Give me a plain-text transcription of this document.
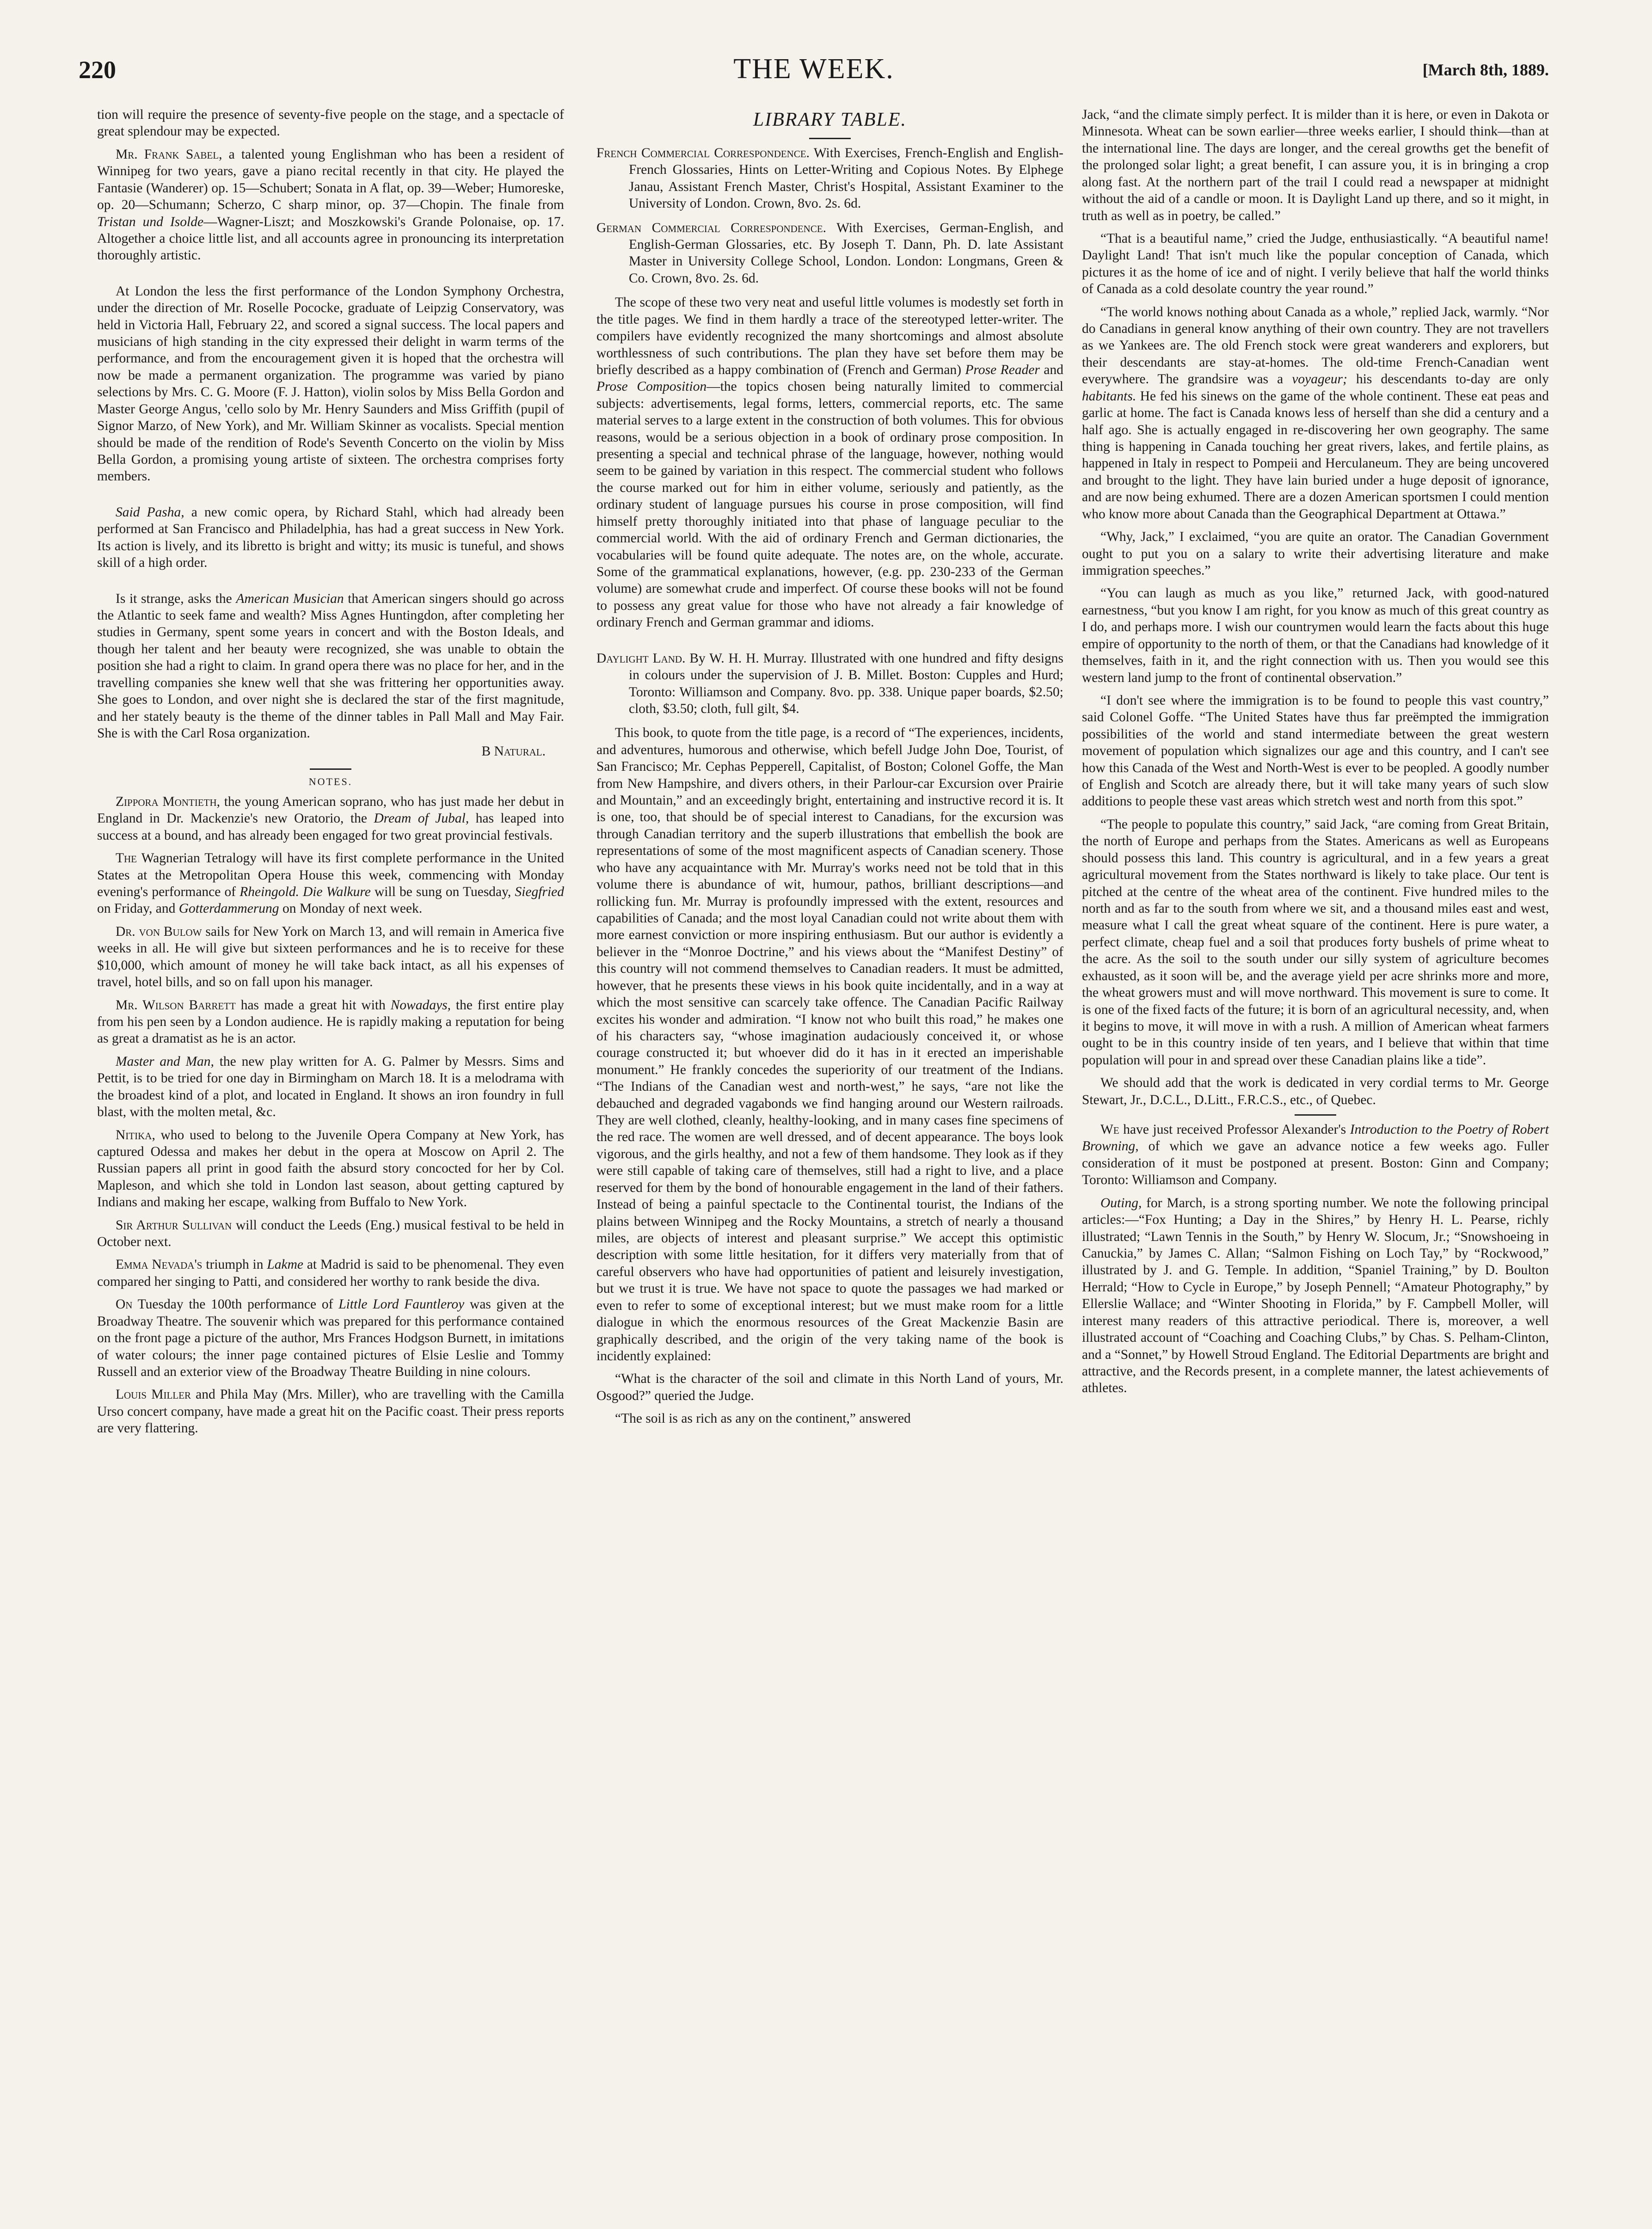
220	THE WEEK.	[March 8th, 1889.

tion will require the presence of seventy-five people on the stage, and a spectacle of great splendour may be expected.

Mr. Frank Sabel, a talented young Englishman who has been a resident of Winnipeg for two years, gave a piano recital recently in that city. He played the Fantasie (Wanderer) op. 15—Schubert; Sonata in A flat, op. 39—Weber; Humoreske, op. 20—Schumann; Scherzo, C sharp minor, op. 37—Chopin. The finale from Tristan und Isolde—Wagner-Liszt; and Moszkowski's Grande Polonaise, op. 17. Altogether a choice little list, and all accounts agree in pronouncing its interpretation thoroughly artistic.

At London the less the first performance of the London Symphony Orchestra, under the direction of Mr. Roselle Pococke, graduate of Leipzig Conservatory, was held in Victoria Hall, February 22, and scored a signal success. The local papers and musicians of high standing in the city expressed their delight in warm terms of the performance, and from the encouragement given it is hoped that the orchestra will now be made a permanent organization. The programme was varied by piano selections by Mrs. C. G. Moore (F. J. Hatton), violin solos by Miss Bella Gordon and Master George Angus, 'cello solo by Mr. Henry Saunders and Miss Griffith (pupil of Signor Marzo, of New York), and Mr. William Skinner as vocalists. Special mention should be made of the rendition of Rode's Seventh Concerto on the violin by Miss Bella Gordon, a promising young artiste of sixteen. The orchestra comprises forty members.

Said Pasha, a new comic opera, by Richard Stahl, which had already been performed at San Francisco and Philadelphia, has had a great success in New York. Its action is lively, and its libretto is bright and witty; its music is tuneful, and shows skill of a high order.

Is it strange, asks the American Musician that American singers should go across the Atlantic to seek fame and wealth? Miss Agnes Huntingdon, after completing her studies in Germany, spent some years in concert and with the Boston Ideals, and though her talent and her beauty were recognized, she was unable to obtain the position she had a right to claim. In grand opera there was no place for her, and in the travelling companies she knew well that she was frittering her opportunities away. She goes to London, and over night she is declared the star of the first magnitude, and her stately beauty is the theme of the dinner tables in Pall Mall and May Fair. She is with the Carl Rosa organization.

B Natural.
NOTES.

Zippora Montieth, the young American soprano, who has just made her debut in England in Dr. Mackenzie's new Oratorio, the Dream of Jubal, has leaped into success at a bound, and has already been engaged for two great provincial festivals.

The Wagnerian Tetralogy will have its first complete performance in the United States at the Metropolitan Opera House this week, commencing with Monday evening's performance of Rheingold. Die Walkure will be sung on Tuesday, Siegfried on Friday, and Gotterdammerung on Monday of next week.

Dr. von Bulow sails for New York on March 13, and will remain in America five weeks in all. He will give but sixteen performances and he is to receive for these $10,000, which amount of money he will take back intact, as all his expenses of travel, hotel bills, and so on fall upon his manager.

Mr. Wilson Barrett has made a great hit with Nowadays, the first entire play from his pen seen by a London audience. He is rapidly making a reputation for being as great a dramatist as he is an actor.

Master and Man, the new play written for A. G. Palmer by Messrs. Sims and Pettit, is to be tried for one day in Birmingham on March 18. It is a melodrama with the broadest kind of a plot, and located in England. It shows an iron foundry in full blast, with the molten metal, &c.

Nitika, who used to belong to the Juvenile Opera Company at New York, has captured Odessa and makes her debut in the opera at Moscow on April 2. The Russian papers all print in good faith the absurd story concocted for her by Col. Mapleson, and which she told in London last season, about getting captured by Indians and making her escape, walking from Buffalo to New York.

Sir Arthur Sullivan will conduct the Leeds (Eng.) musical festival to be held in October next.

Emma Nevada's triumph in Lakme at Madrid is said to be phenomenal. They even compared her singing to Patti, and considered her worthy to rank beside the diva.

On Tuesday the 100th performance of Little Lord Fauntleroy was given at the Broadway Theatre. The souvenir which was prepared for this performance contained on the front page a picture of the author, Mrs Frances Hodgson Burnett, in imitations of water colours; the inner page contained pictures of Elsie Leslie and Tommy Russell and an exterior view of the Broadway Theatre Building in nine colours.

Louis Miller and Phila May (Mrs. Miller), who are travelling with the Camilla Urso concert company, have made a great hit on the Pacific coast. Their press reports are very flattering.

LIBRARY TABLE.

French Commercial Correspondence. With Exercises, French-English and English-French Glossaries, Hints on Letter-Writing and Copious Notes. By Elphege Janau, Assistant French Master, Christ's Hospital, Assistant Examiner to the University of London. Crown, 8vo. 2s. 6d.

German Commercial Correspondence. With Exercises, German-English, and English-German Glossaries, etc. By Joseph T. Dann, Ph. D. late Assistant Master in University College School, London. London: Longmans, Green & Co. Crown, 8vo. 2s. 6d.

The scope of these two very neat and useful little volumes is modestly set forth in the title pages. We find in them hardly a trace of the stereotyped letter-writer. The compilers have evidently recognized the many shortcomings and almost absolute worthlessness of such contributions. The plan they have set before them may be briefly described as a happy combination of (French and German) Prose Reader and Prose Composition—the topics chosen being naturally limited to commercial subjects: advertisements, legal forms, letters, commercial reports, etc. The same material serves to a large extent in the construction of both volumes. This for obvious reasons, would be a serious objection in a book of ordinary prose composition. In presenting a special and technical phrase of the language, however, nothing would seem to be gained by variation in this respect. The commercial student who follows the course marked out for him in either volume, seriously and patiently, as the ordinary student of language pursues his course in prose composition, will find himself pretty thoroughly initiated into that phase of language peculiar to the commercial world. With the aid of ordinary French and German dictionaries, the vocabularies will be found quite adequate. The notes are, on the whole, accurate. Some of the grammatical explanations, however, (e.g. pp. 230-233 of the German volume) are somewhat crude and imperfect. Of course these books will not be found to possess any great value for those who have not already a fair knowledge of ordinary French and German grammar and idioms.

Daylight Land. By W. H. H. Murray. Illustrated with one hundred and fifty designs in colours under the supervision of J. B. Millet. Boston: Cupples and Hurd; Toronto: Williamson and Company. 8vo. pp. 338. Unique paper boards, $2.50; cloth, $3.50; cloth, full gilt, $4.

This book, to quote from the title page, is a record of “The experiences, incidents, and adventures, humorous and otherwise, which befell Judge John Doe, Tourist, of San Francisco; Mr. Cephas Pepperell, Capitalist, of Boston; Colonel Goffe, the Man from New Hampshire, and divers others, in their Parlour-car Excursion over Prairie and Mountain,” and an exceedingly bright, entertaining and instructive record it is. It is one, too, that should be of special interest to Canadians, for the excursion was through Canadian territory and the superb illustrations that embellish the book are representations of some of the most magnificent aspects of Canadian scenery. Those who have any acquaintance with Mr. Murray's works need not be told that in this volume there is abundance of wit, humour, pathos, brilliant descriptions—and rollicking fun. Mr. Murray is profoundly impressed with the extent, resources and capabilities of Canada; and the most loyal Canadian could not write about them with more earnest conviction or more inspiring enthusiasm. But our author is evidently a believer in the “Monroe Doctrine,” and his views about the “Manifest Destiny” of this country will not commend themselves to Canadian readers. It must be admitted, however, that he presents these views in his book quite incidentally, and in a way at which the most sensitive can scarcely take offence. The Canadian Pacific Railway excites his wonder and admiration. “I know not who built this road,” he makes one of his characters say, “whose imagination audaciously conceived it, or whose courage constructed it; but whoever did do it has in it erected an imperishable monument.” He frankly concedes the superiority of our treatment of the Indians. “The Indians of the Canadian west and north-west,” he says, “are not like the debauched and degraded vagabonds we find hanging around our Western railroads. They are well clothed, cleanly, healthy-looking, and in many cases fine specimens of the red race. The women are well dressed, and of decent appearance. The boys look vigorous, and the girls healthy, and not a few of them handsome. They look as if they were still capable of taking care of themselves, still had a right to live, and a place reserved for them by the bond of honourable engagement in the land of their fathers. Instead of being a painful spectacle to the Continental tourist, the Indians of the plains between Winnipeg and the Rocky Mountains, a stretch of nearly a thousand miles, are objects of interest and pleasant surprise.” We accept this optimistic description with some little hesitation, for it differs very materially from that of careful observers who have had opportunities of patient and leisurely investigation, but we trust it is true. We have not space to quote the passages we had marked or even to refer to some of exceptional interest; but we must make room for a little dialogue in which the enormous resources of the Great Mackenzie Basin are graphically described, and the origin of the very taking name of the book is incidently explained:

“What is the character of the soil and climate in this North Land of yours, Mr. Osgood?” queried the Judge.

“The soil is as rich as any on the continent,” answered

Jack, “and the climate simply perfect. It is milder than it is here, or even in Dakota or Minnesota. Wheat can be sown earlier—three weeks earlier, I should think—than at the international line. The days are longer, and the cereal growths get the benefit of the prolonged solar light; a great benefit, I can assure you, it is in bringing a crop along fast. At the northern part of the trail I could read a newspaper at midnight without the aid of a candle or moon. It is Daylight Land up there, and so it might, in truth as well as in poetry, be called.”

“That is a beautiful name,” cried the Judge, enthusiastically. “A beautiful name! Daylight Land! That isn't much like the popular conception of Canada, which pictures it as the home of ice and of night. I verily believe that half the world thinks of Canada as a cold desolate country the year round.”

“The world knows nothing about Canada as a whole,” replied Jack, warmly. “Nor do Canadians in general know anything of their own country. They are not travellers as we Yankees are. The old French stock were great wanderers and explorers, but their descendants are stay-at-homes. The old-time French-Canadian went everywhere. The grandsire was a voyageur; his descendants to-day are only habitants. He fed his sinews on the game of the whole continent. These eat peas and garlic at home. The fact is Canada knows less of herself than she did a century and a half ago. She is actually engaged in re-discovering her own geography. The same thing is happening in Canada touching her great rivers, lakes, and fertile plains, as happened in Italy in respect to Pompeii and Herculaneum. They are being uncovered and brought to the light. They have lain buried under a huge deposit of ignorance, and are now being exhumed. There are a dozen American sportsmen I could mention who know more about Canada than the Geographical Department at Ottawa.”

“Why, Jack,” I exclaimed, “you are quite an orator. The Canadian Government ought to put you on a salary to write their advertising literature and make immigration speeches.”

“You can laugh as much as you like,” returned Jack, with good-natured earnestness, “but you know I am right, for you know as much of this great country as I do, and perhaps more. I wish our countrymen would learn the facts about this huge empire of opportunity to the north of them, or that the Canadians had knowledge of it themselves, faith in it, and the right connection with us. Then you would see this western land jump to the front of continental observation.”

“I don't see where the immigration is to be found to people this vast country,” said Colonel Goffe. “The United States have thus far preëmpted the immigration possibilities of the world and stand intermediate between the great western movement of population which signalizes our age and this country, and I can't see how this Canada of the West and North-West is ever to be peopled. A goodly number of English and Scotch are already there, but it will take many years of such slow additions to people these vast areas which stretch west and north from this spot.”

“The people to populate this country,” said Jack, “are coming from Great Britain, the north of Europe and perhaps from the States. Americans as well as Europeans should possess this land. This country is agricultural, and in a few years a great agricultural movement from the States northward is likely to take place. Our tent is pitched at the centre of the wheat area of the continent. Five hundred miles to the north and as far to the south from where we sit, and a thousand miles east and west, measure what I call the great wheat square of the continent. Here is pure water, a perfect climate, cheap fuel and a soil that produces forty bushels of prime wheat to the acre. As the soil to the south under our silly system of agriculture becomes exhausted, as it soon will be, and the average yield per acre shrinks more and more, the wheat growers must and will move northward. This movement is sure to come. It is one of the fixed facts of the future; it is born of an agricultural necessity, and, when it begins to move, it will move in with a rush. A million of American wheat farmers ought to be in this country inside of ten years, and I believe that within that time population will pour in and spread over these Canadian plains like a tide”.

We should add that the work is dedicated in very cordial terms to Mr. George Stewart, Jr., D.C.L., D.Litt., F.R.C.S., etc., of Quebec.

We have just received Professor Alexander's Introduction to the Poetry of Robert Browning, of which we gave an advance notice a few weeks ago. Fuller consideration of it must be postponed at present. Boston: Ginn and Company; Toronto: Williamson and Company.

Outing, for March, is a strong sporting number. We note the following principal articles:—“Fox Hunting; a Day in the Shires,” by Henry H. L. Pearse, richly illustrated; “Lawn Tennis in the South,” by Henry W. Slocum, Jr.; “Snowshoeing in Canuckia,” by James C. Allan; “Salmon Fishing on Loch Tay,” by “Rockwood,” illustrated by J. and G. Temple. In addition, “Spaniel Training,” by D. Boulton Herrald; “How to Cycle in Europe,” by Joseph Pennell; “Amateur Photography,” by Ellerslie Wallace; and “Winter Shooting in Florida,” by F. Campbell Moller, will interest many readers of this attractive periodical. There is, moreover, a well illustrated account of “Coaching and Coaching Clubs,” by Chas. S. Pelham-Clinton, and a “Sonnet,” by Howell Stroud England. The Editorial Departments are bright and attractive, and the Records present, in a complete manner, the latest achievements of athletes.
